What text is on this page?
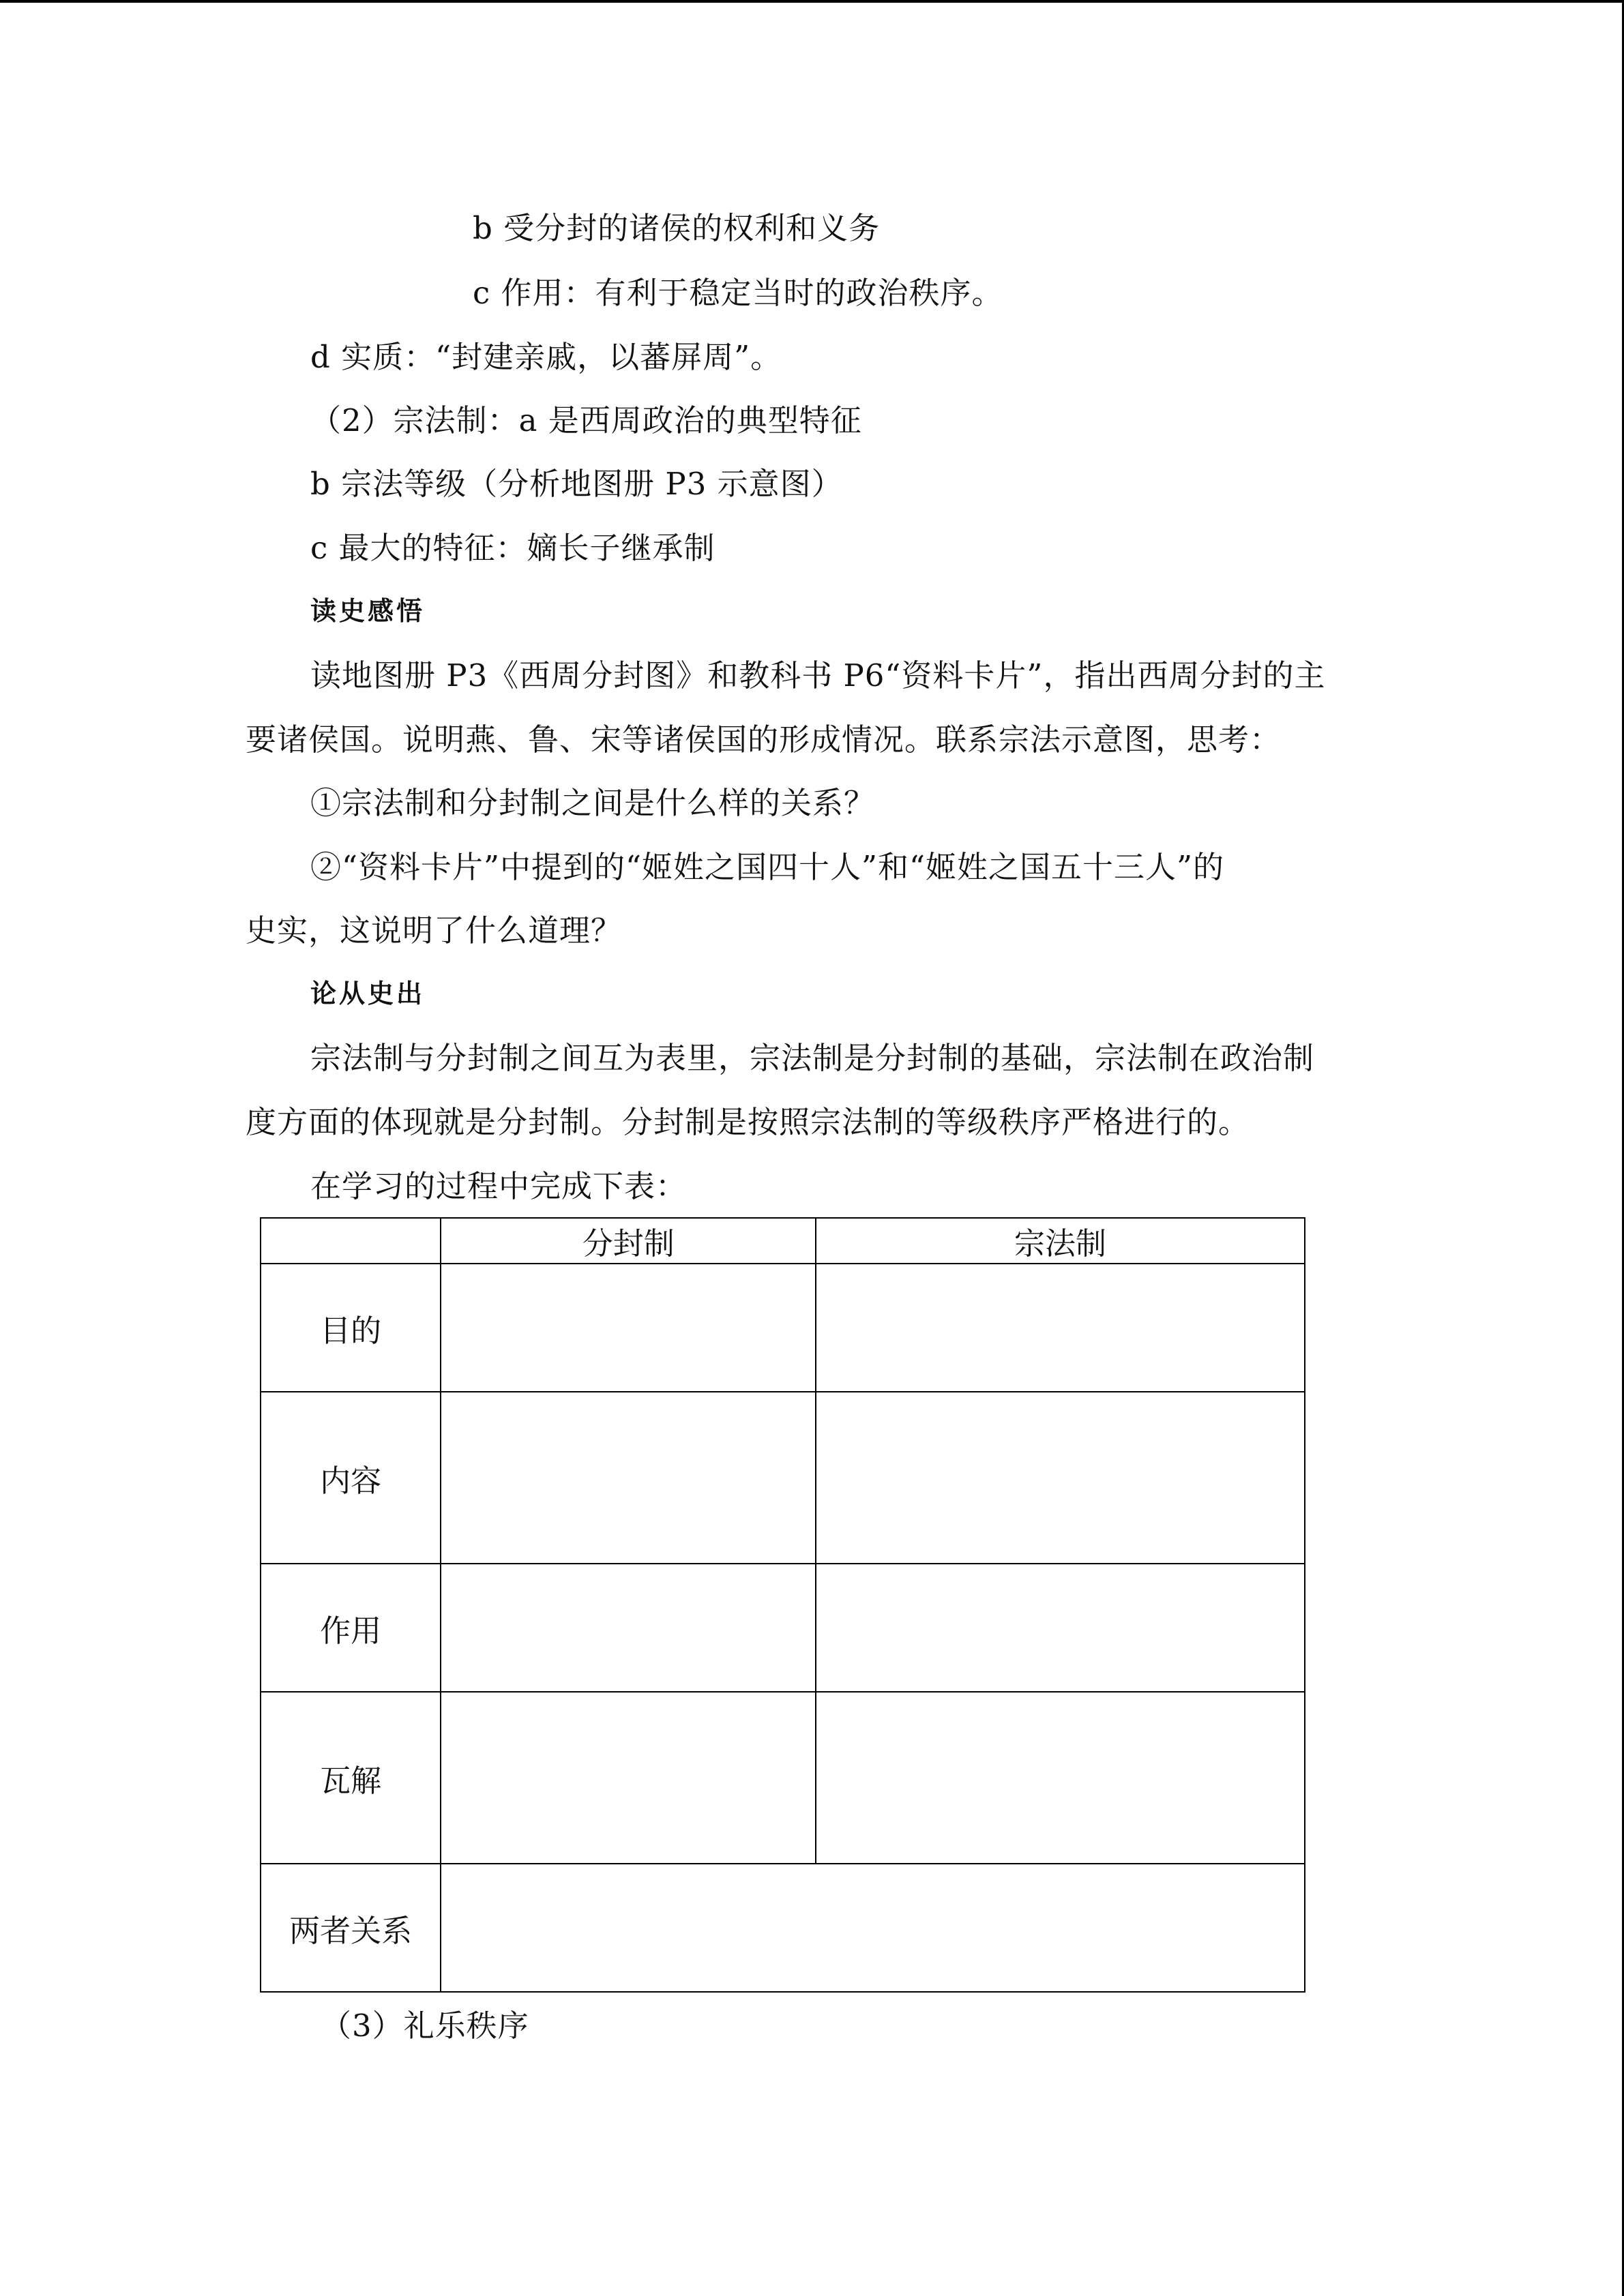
b 受分封的诸侯的权利和义务
c 作用：有利于稳定当时的政治秩序。
d 实质：“封建亲戚，以蕃屏周”。
（2）宗法制：a 是西周政治的典型特征
b 宗法等级（分析地图册 P3 示意图）
c 最大的特征：嫡长子继承制
读史感悟
读地图册 P3《西周分封图》和教科书 P6“资料卡片”，指出西周分封的主
要诸侯国。说明燕、鲁、宋等诸侯国的形成情况。联系宗法示意图，思考：
①宗法制和分封制之间是什么样的关系？
②“资料卡片”中提到的“姬姓之国四十人”和“姬姓之国五十三人”的
史实，这说明了什么道理？
论从史出
宗法制与分封制之间互为表里，宗法制是分封制的基础，宗法制在政治制
度方面的体现就是分封制。分封制是按照宗法制的等级秩序严格进行的。
在学习的过程中完成下表：
	分封制	宗法制
目的		
内容		
作用		
瓦解		
两者关系		
（3）礼乐秩序
